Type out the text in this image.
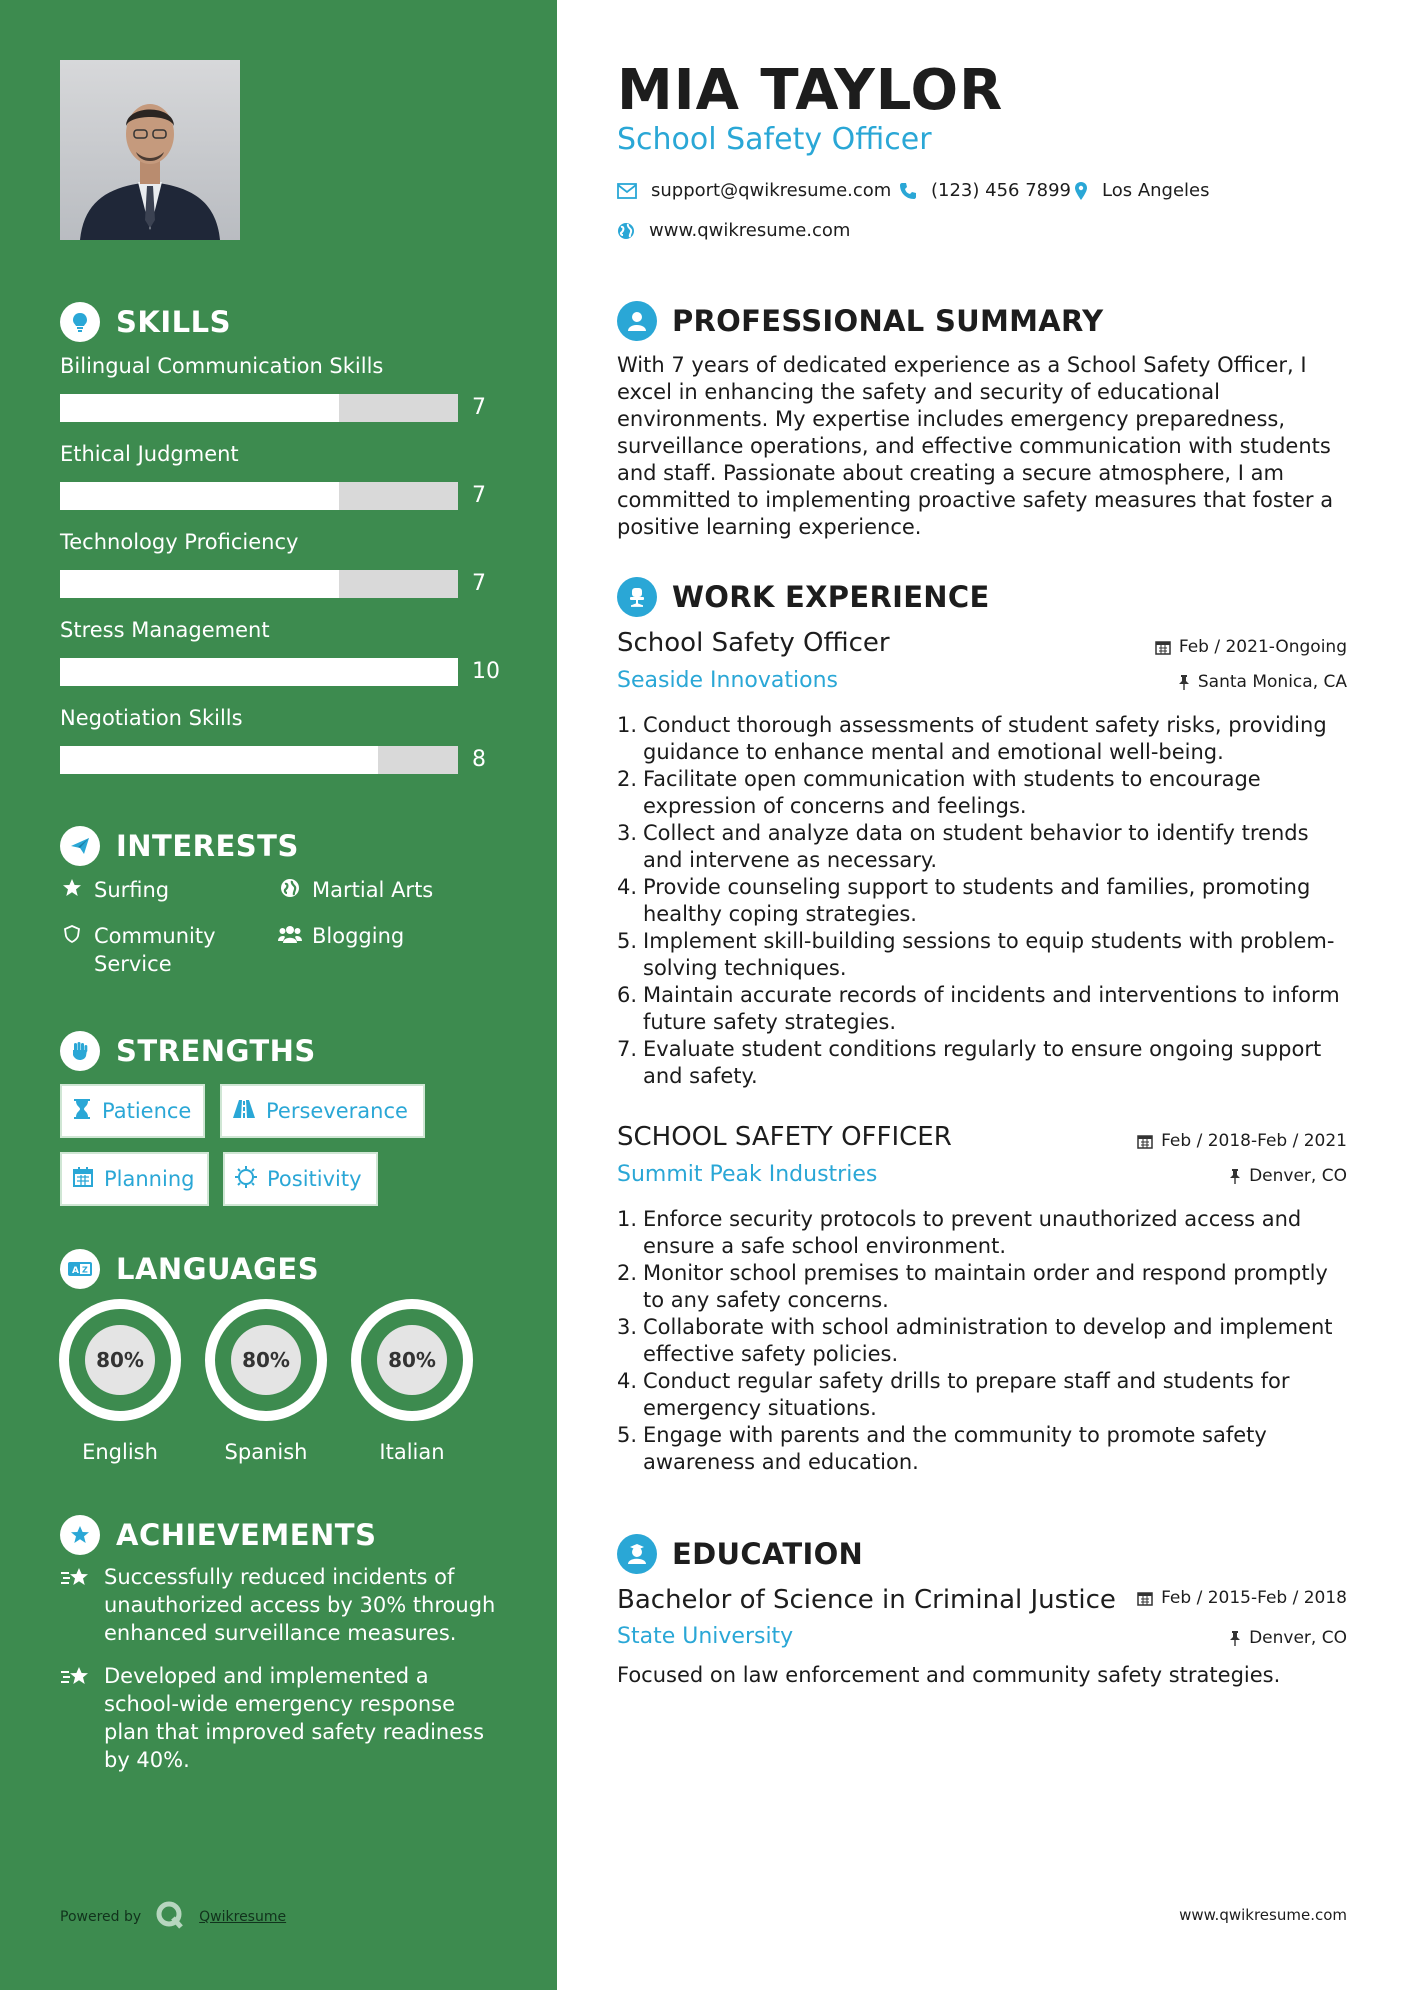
SKILLS
Bilingual Communication Skills
7
Ethical Judgment
7
Technology Proficiency
7
Stress Management
10
Negotiation Skills
8
INTERESTS
Surfing	Martial Arts
Community Service
Blogging
STRENGTHS
Patience	Perseverance
Planning	Positivity
A Z LANGUAGES
80%
English
80%
Spanish
80%
Italian
ACHIEVEMENTS
Successfully reduced incidents of unauthorized access by 30% through enhanced surveillance measures.
Developed and implemented a school-wide emergency response plan that improved safety readiness by 40%.
Powered by	Qwikresume
MIA TAYLOR
School Safety Officer
support@qwikresume.com (123) 456 7899 Los Angeles
www.qwikresume.com
PROFESSIONAL SUMMARY
With 7 years of dedicated experience as a School Safety Officer, I excel in enhancing the safety and security of educational environments. My expertise includes emergency preparedness, surveillance operations, and effective communication with students and staff. Passionate about creating a secure atmosphere, I am committed to implementing proactive safety measures that foster a positive learning experience.
WORK EXPERIENCE
School Safety Officer	Feb / 2021-Ongoing
Seaside Innovations	Santa Monica, CA
1. Conduct thorough assessments of student safety risks, providing guidance to enhance mental and emotional well-being.
2. Facilitate open communication with students to encourage expression of concerns and feelings.
3. Collect and analyze data on student behavior to identify trends and intervene as necessary.
4. Provide counseling support to students and families, promoting healthy coping strategies.
5. Implement skill-building sessions to equip students with problem-solving techniques.
6. Maintain accurate records of incidents and interventions to inform future safety strategies.
7. Evaluate student conditions regularly to ensure ongoing support and safety.
SCHOOL SAFETY OFFICER	Feb / 2018-Feb / 2021
Summit Peak Industries	Denver, CO
1. Enforce security protocols to prevent unauthorized access and ensure a safe school environment.
2. Monitor school premises to maintain order and respond promptly to any safety concerns.
3. Collaborate with school administration to develop and implement effective safety policies.
4. Conduct regular safety drills to prepare staff and students for emergency situations.
5. Engage with parents and the community to promote safety awareness and education.
EDUCATION
Bachelor of Science in Criminal Justice	Feb / 2015-Feb / 2018
State University	Denver, CO
Focused on law enforcement and community safety strategies.
www.qwikresume.com
